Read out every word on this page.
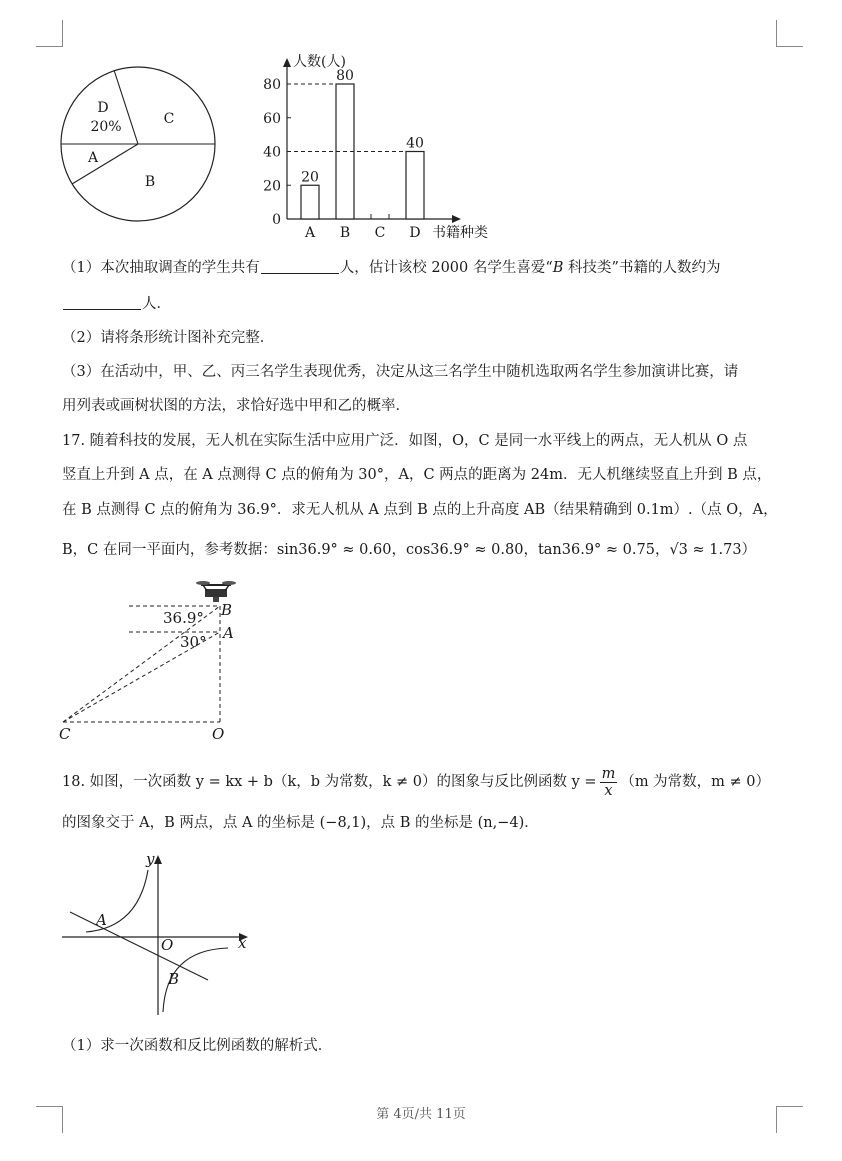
D
20%	C
A
B
0
20
40
60
80
人数(人)
书籍种类
A
20
B
80
C D
40
（1）本次抽取调查的学生共有	人，估计该校 2000 名学生喜爱“B 科技类”书籍的人数约为
人．
（2）请将条形统计图补充完整．
（3）在活动中，甲、乙、丙三名学生表现优秀，决定从这三名学生中随机选取两名学生参加演讲比赛，请
用列表或画树状图的方法，求恰好选中甲和乙的概率．
17. 随着科技的发展，无人机在实际生活中应用广泛．如图，O，C 是同一水平线上的两点，无人机从 O 点
竖直上升到 A 点，在 A 点测得 C 点的俯角为 30°，A，C 两点的距离为 24m．无人机继续竖直上升到 B 点，
在 B 点测得 C 点的俯角为 36.9°．求无人机从 A 点到 B 点的上升高度 AB（结果精确到 0.1m）.（点 O，A，
B，C 在同一平面内，参考数据：sin36.9° ≈ 0.60，cos36.9° ≈ 0.80，tan36.9° ≈ 0.75，√3 ≈ 1.73）
36.9°
30°
B
A
C	O
18. 如图，一次函数 y = kx + b（k，b 为常数，k ≠ 0）的图象与反比例函数 $y = \frac{m}{x} (m$ 为常数，m ≠ 0）
的图象交于 A，B 两点，点 A 的坐标是 (−8,1)，点 B 的坐标是 (n,−4)．
y
x
O
A
B
（1）求一次函数和反比例函数的解析式．
第 4页/共 11页
